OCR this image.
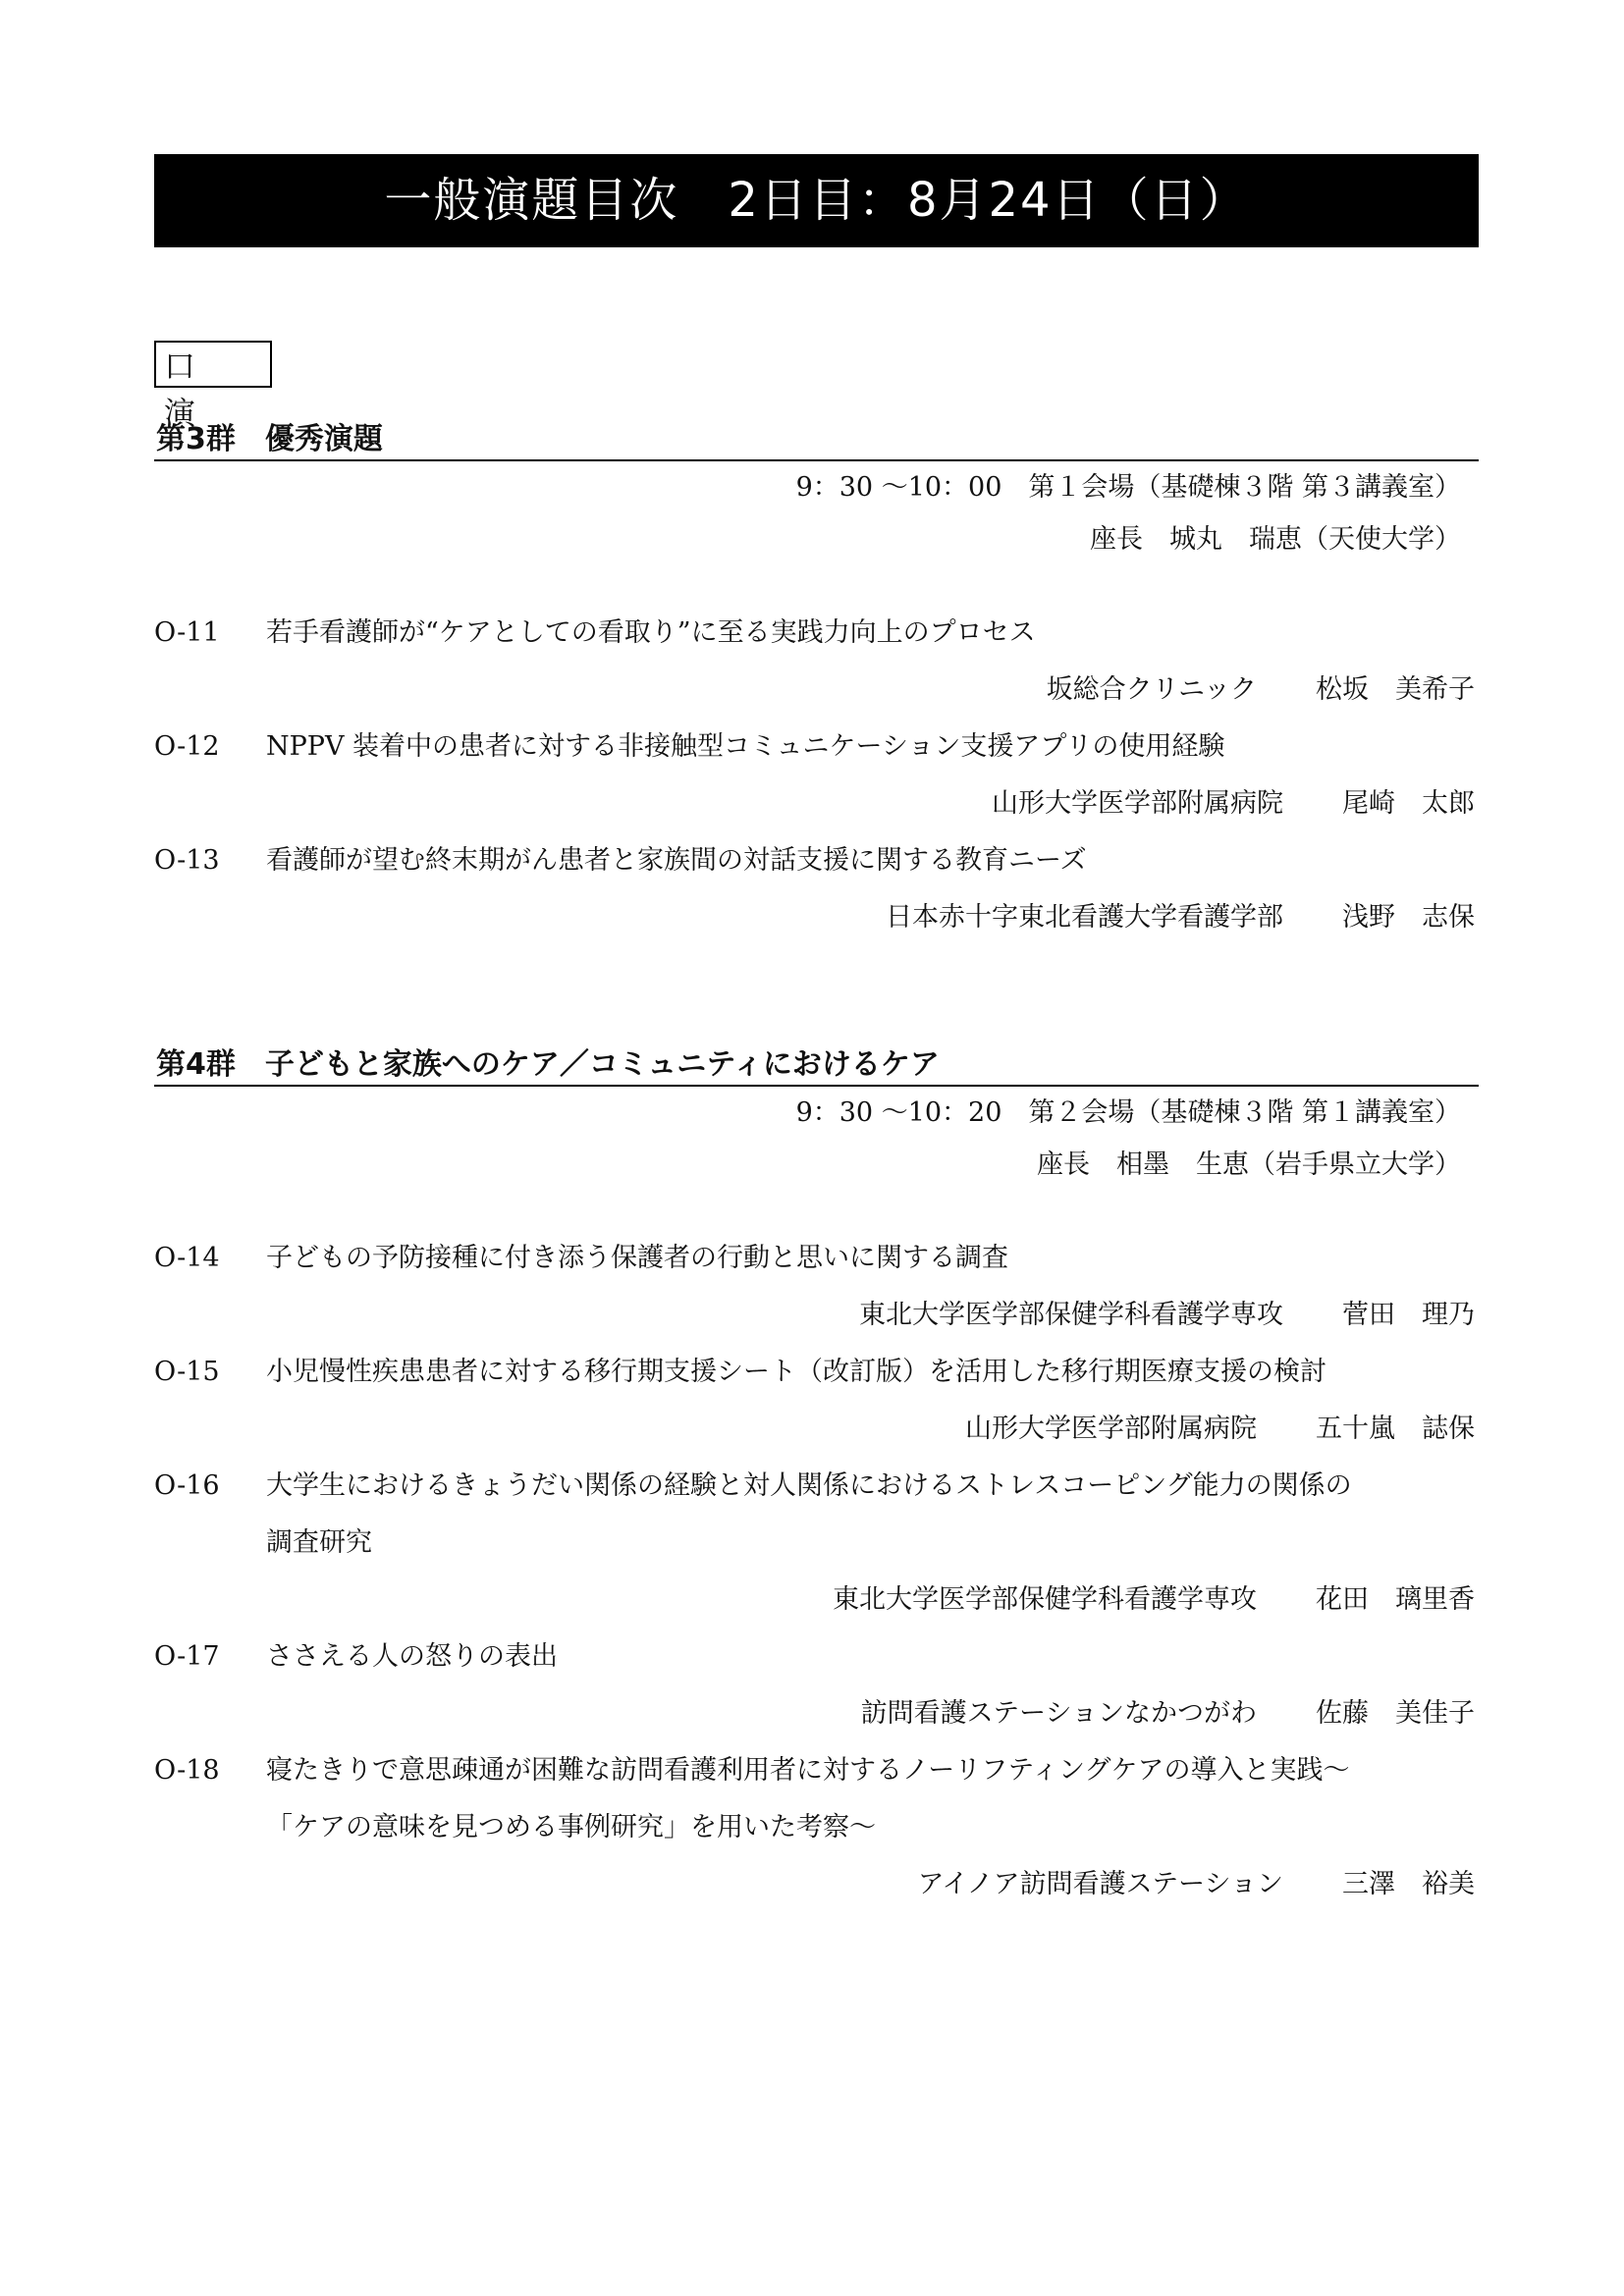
一般演題目次　2日目：8月24日（日）
口　演
第3群　優秀演題
9：30 ～10：00　第１会場（基礎棟３階 第３講義室）
座長　城丸　瑞恵（天使大学）
O-11	若手看護師が“ケアとしての看取り”に至る実践力向上のプロセス
坂総合クリニック 松坂　美希子
O-12	NPPV 装着中の患者に対する非接触型コミュニケーション支援アプリの使用経験
山形大学医学部附属病院 尾崎　太郎
O-13	看護師が望む終末期がん患者と家族間の対話支援に関する教育ニーズ
日本赤十字東北看護大学看護学部 浅野　志保
第4群　子どもと家族へのケア／コミュニティにおけるケア
9：30 ～10：20　第２会場（基礎棟３階 第１講義室）
座長　相墨　生恵（岩手県立大学）
O-14	子どもの予防接種に付き添う保護者の行動と思いに関する調査
東北大学医学部保健学科看護学専攻 菅田　理乃
O-15	小児慢性疾患患者に対する移行期支援シート（改訂版）を活用した移行期医療支援の検討
山形大学医学部附属病院 五十嵐　誌保
O-16	大学生におけるきょうだい関係の経験と対人関係におけるストレスコーピング能力の関係の
調査研究
東北大学医学部保健学科看護学専攻 花田　璃里香
O-17	ささえる人の怒りの表出
訪問看護ステーションなかつがわ 佐藤　美佳子
O-18	寝たきりで意思疎通が困難な訪問看護利用者に対するノーリフティングケアの導入と実践～
「ケアの意味を見つめる事例研究」を用いた考察～
アイノア訪問看護ステーション 三澤　裕美
